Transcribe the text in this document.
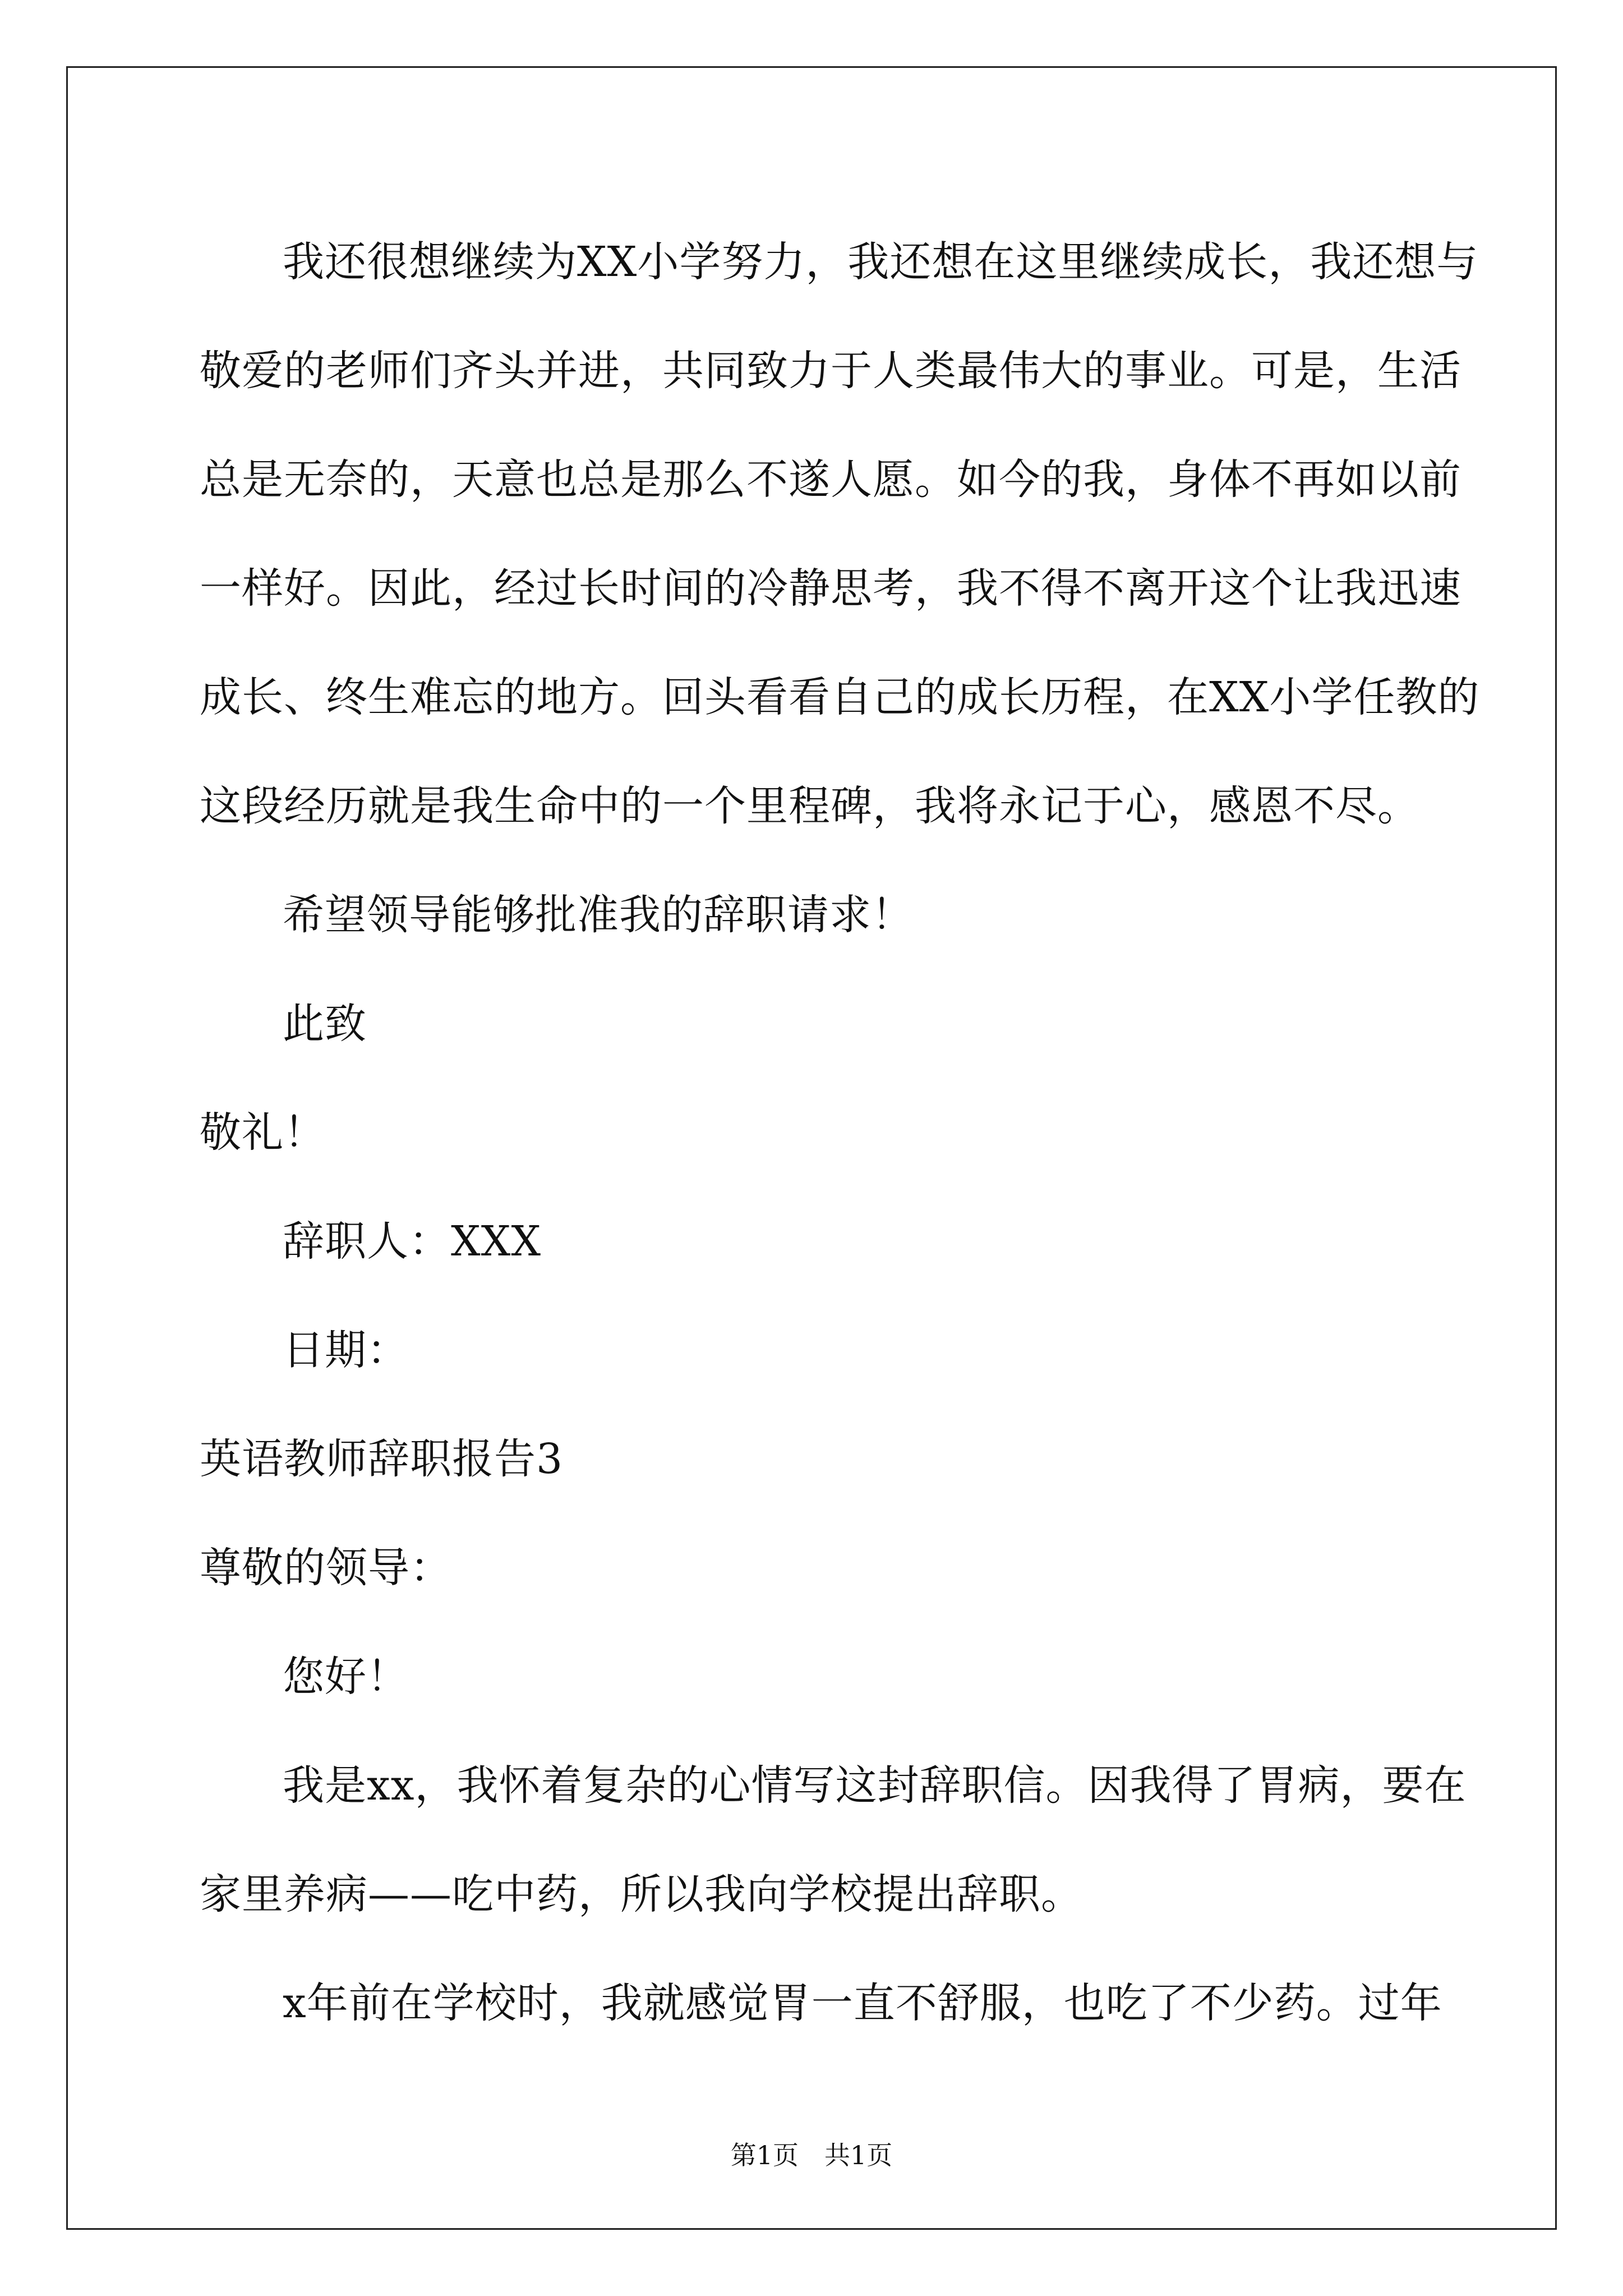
我还很想继续为XX小学努力，我还想在这里继续成长，我还想与
敬爱的老师们齐头并进，共同致力于人类最伟大的事业。可是，生活
总是无奈的，天意也总是那么不遂人愿。如今的我，身体不再如以前
一样好。因此，经过长时间的冷静思考，我不得不离开这个让我迅速
成长、终生难忘的地方。回头看看自己的成长历程，在XX小学任教的
这段经历就是我生命中的一个里程碑，我将永记于心，感恩不尽。

希望领导能够批准我的辞职请求！

此致

敬礼！

辞职人：XXX

日期：

英语教师辞职报告3

尊敬的领导：

您好！

我是xx，我怀着复杂的心情写这封辞职信。因我得了胃病，要在
家里养病——吃中药，所以我向学校提出辞职。
x年前在学校时，我就感觉胃一直不舒服，也吃了不少药。过年
第1页　共1页
